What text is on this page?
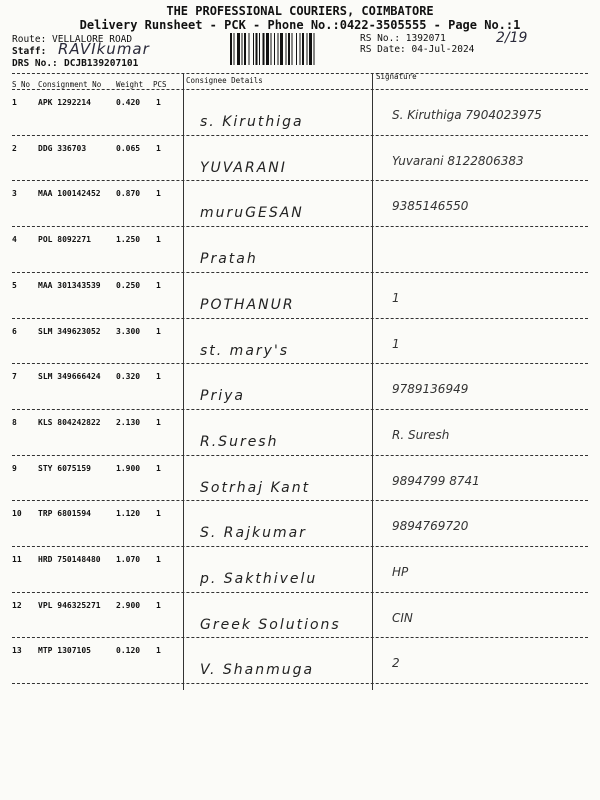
THE PROFESSIONAL COURIERS, COIMBATORE
Delivery Runsheet - PCK - Phone No.:0422-3505555 - Page No.:1
Route: VELLALORE ROAD
Staff: RAVIkumar
DRS No.: DCJB139207101
RS No.: 1392071
RS Date: 04-Jul-2024
2/19
S No Consignment No Weight PCS	Consignee Details	Signature
1	APK 1292214	0.420 1
s. Kiruthiga	S. Kiruthiga 7904023975
2	DDG 336703	0.065 1
YUVARANI	Yuvarani 8122806383
3	MAA 100142452 0.870 1
muruGESAN	9385146550
4	POL 8092271	1.250 1
Pratah
5	MAA 301343539 0.250 1
POTHANUR	1
6	SLM 349623052 3.300 1
st. mary's	1
7	SLM 349666424 0.320 1
Priya	9789136949
8	KLS 804242822 2.130 1
R.Suresh	R. Suresh
9	STY 6075159	1.900 1
Sotrhaj Kant	9894799 8741
10 TRP 6801594	1.120 1
S. Rajkumar	9894769720
11 HRD 750148480 1.070 1
p. Sakthivelu	HP
12 VPL 946325271 2.900 1
Greek Solutions	CIN
13 MTP 1307105	0.120 1
V. Shanmuga	2
